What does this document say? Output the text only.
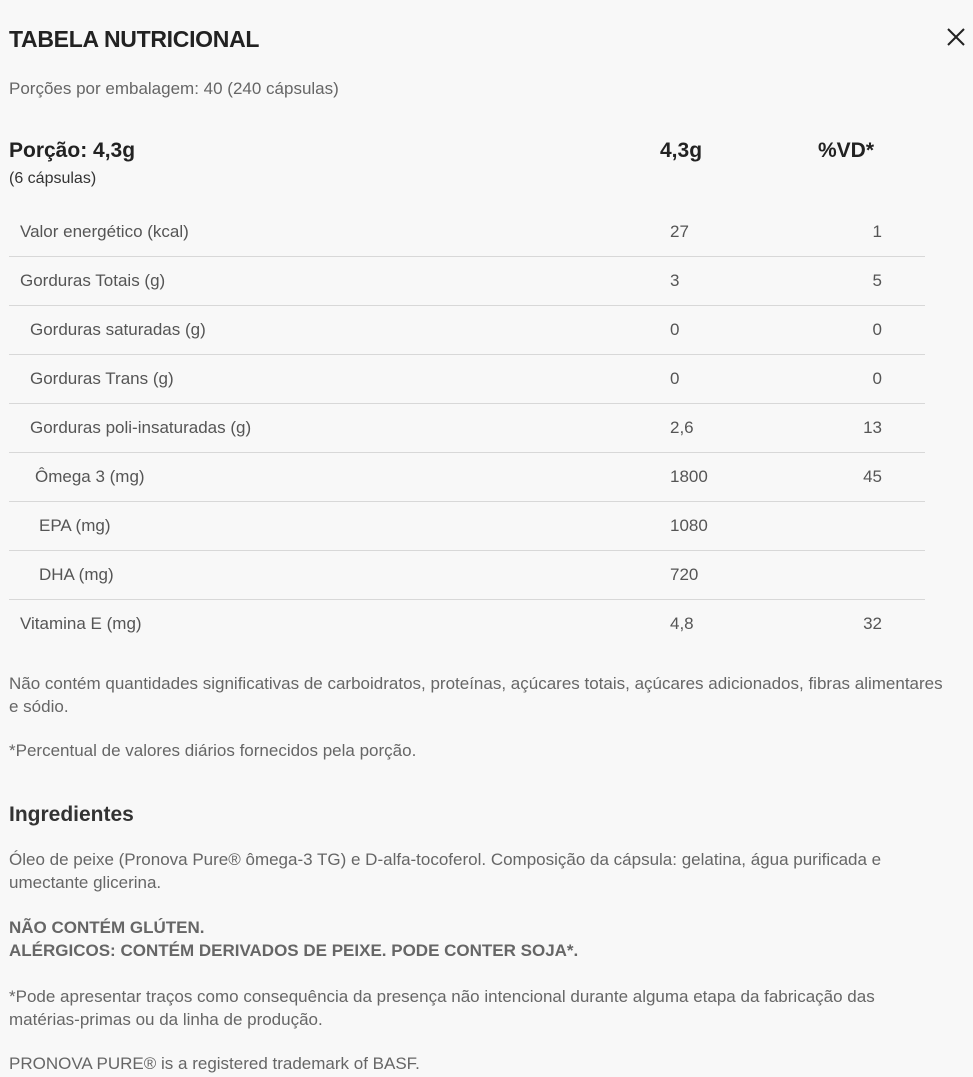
TABELA NUTRICIONAL
Porções por embalagem: 40 (240 cápsulas)
Porção: 4,3g
(6 cápsulas)
4,3g	%VD*
Valor energético (kcal)	27	1
Gorduras Totais (g)	3	5
Gorduras saturadas (g)	0	0
Gorduras Trans (g)	0	0
Gorduras poli-insaturadas (g)	2,6	13
Ômega 3 (mg)	1800	45
EPA (mg)	1080
DHA (mg)	720
Vitamina E (mg)	4,8	32
Não contém quantidades significativas de carboidratos, proteínas, açúcares totais, açúcares adicionados, fibras alimentares e sódio.
*Percentual de valores diários fornecidos pela porção.
Ingredientes
Óleo de peixe (Pronova Pure® ômega-3 TG) e D-alfa-tocoferol. Composição da cápsula: gelatina, água purificada e umectante glicerina.
NÃO CONTÉM GLÚTEN.
ALÉRGICOS: CONTÉM DERIVADOS DE PEIXE. PODE CONTER SOJA*.
*Pode apresentar traços como consequência da presença não intencional durante alguma etapa da fabricação das matérias-primas ou da linha de produção.
PRONOVA PURE® is a registered trademark of BASF.
